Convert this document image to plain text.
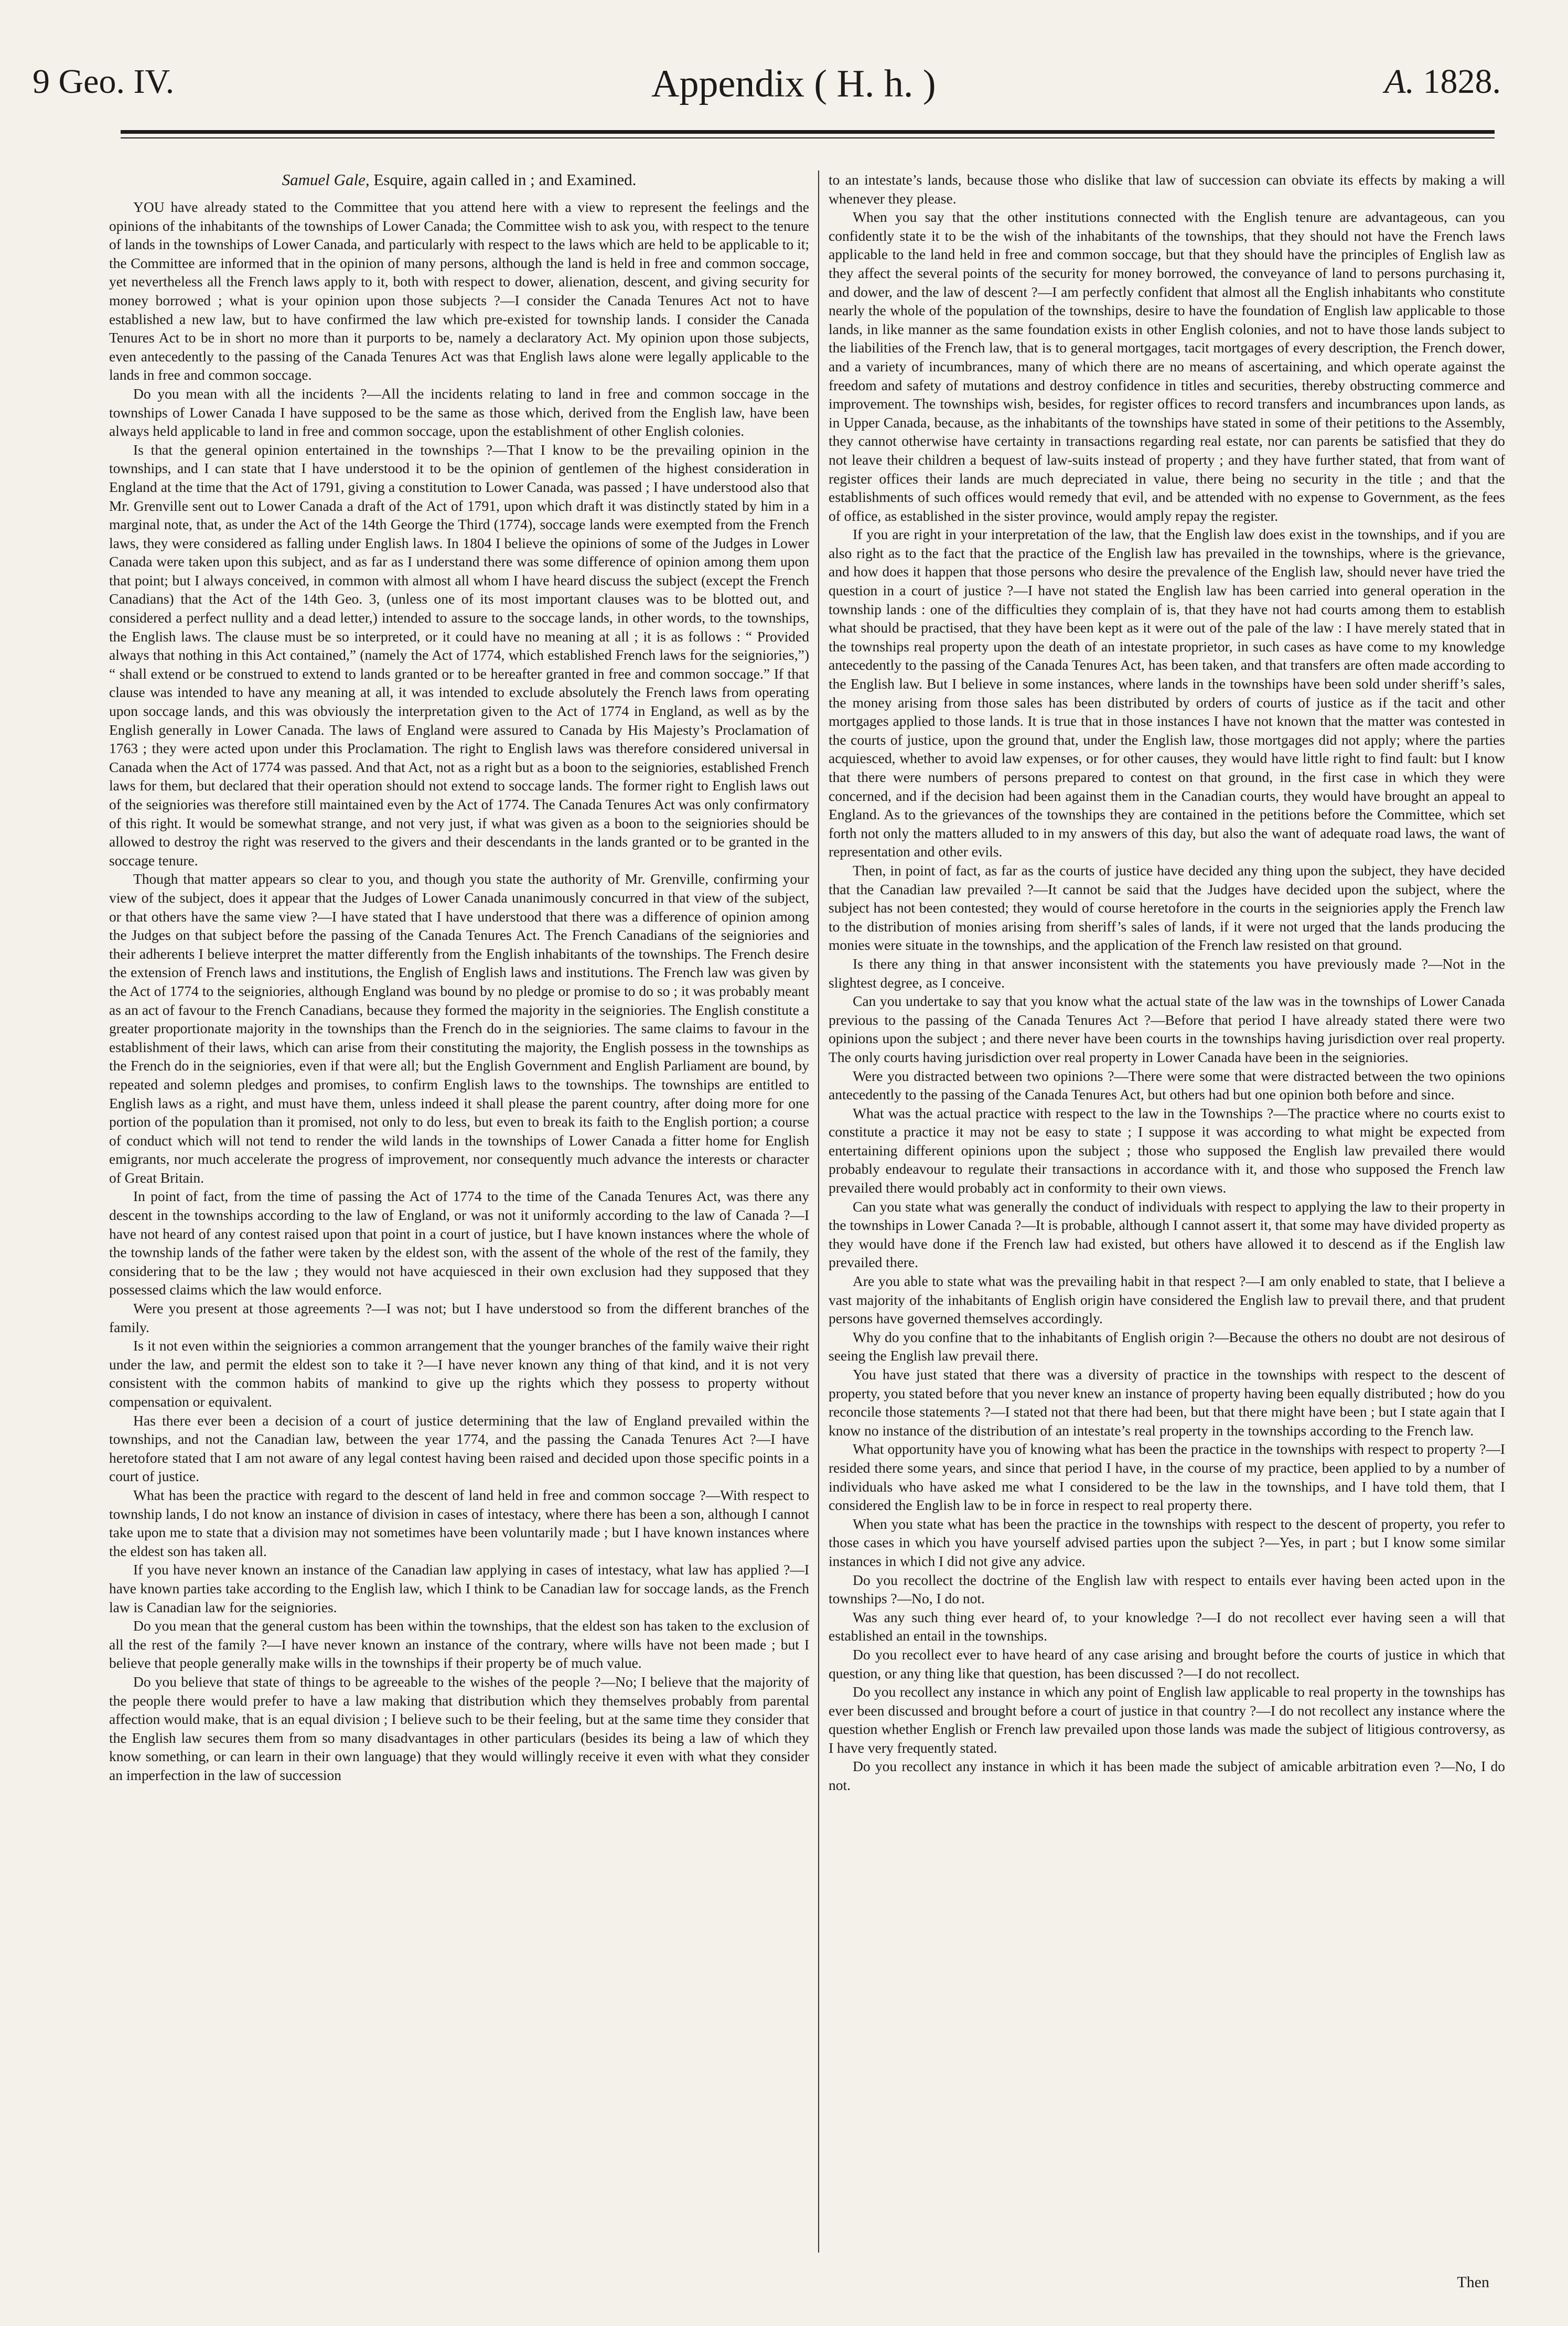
9 Geo. IV.	Appendix ( H. h. )	A. 1828.

Samuel Gale, Esquire, again called in ; and Examined.

YOU have already stated to the Committee that you attend here with a view to represent the feelings and the opinions of the inhabitants of the townships of Lower Canada; the Committee wish to ask you, with respect to the tenure of lands in the townships of Lower Canada, and particularly with respect to the laws which are held to be applicable to it; the Committee are informed that in the opinion of many persons, although the land is held in free and common soccage, yet nevertheless all the French laws apply to it, both with respect to dower, alienation, descent, and giving security for money borrowed ; what is your opinion upon those subjects ?—I consider the Canada Tenures Act not to have established a new law, but to have confirmed the law which pre-existed for township lands. I consider the Canada Tenures Act to be in short no more than it purports to be, namely a declaratory Act. My opinion upon those subjects, even antecedently to the passing of the Canada Tenures Act was that English laws alone were legally applicable to the lands in free and common soccage.

Do you mean with all the incidents ?—All the incidents relating to land in free and common soccage in the townships of Lower Canada I have supposed to be the same as those which, derived from the English law, have been always held applicable to land in free and common soccage, upon the establishment of other English colonies.

Is that the general opinion entertained in the townships ?—That I know to be the prevailing opinion in the townships, and I can state that I have understood it to be the opinion of gentlemen of the highest consideration in England at the time that the Act of 1791, giving a constitution to Lower Canada, was passed ; I have understood also that Mr. Grenville sent out to Lower Canada a draft of the Act of 1791, upon which draft it was distinctly stated by him in a marginal note, that, as under the Act of the 14th George the Third (1774), soccage lands were exempted from the French laws, they were considered as falling under English laws. In 1804 I believe the opinions of some of the Judges in Lower Canada were taken upon this subject, and as far as I understand there was some difference of opinion among them upon that point; but I always conceived, in common with almost all whom I have heard discuss the subject (except the French Canadians) that the Act of the 14th Geo. 3, (unless one of its most important clauses was to be blotted out, and considered a perfect nullity and a dead letter,) intended to assure to the soccage lands, in other words, to the townships, the English laws. The clause must be so interpreted, or it could have no meaning at all ; it is as follows : “ Provided always that nothing in this Act contained,” (namely the Act of 1774, which established French laws for the seigniories,”) “ shall extend or be construed to extend to lands granted or to be hereafter granted in free and common soccage.” If that clause was intended to have any meaning at all, it was intended to exclude absolutely the French laws from operating upon soccage lands, and this was obviously the interpretation given to the Act of 1774 in England, as well as by the English generally in Lower Canada. The laws of England were assured to Canada by His Majesty’s Proclamation of 1763 ; they were acted upon under this Proclamation. The right to English laws was therefore considered universal in Canada when the Act of 1774 was passed. And that Act, not as a right but as a boon to the seigniories, established French laws for them, but declared that their operation should not extend to soccage lands. The former right to English laws out of the seigniories was therefore still maintained even by the Act of 1774. The Canada Tenures Act was only confirmatory of this right. It would be somewhat strange, and not very just, if what was given as a boon to the seigniories should be allowed to destroy the right was reserved to the givers and their descendants in the lands granted or to be granted in the soccage tenure.

Though that matter appears so clear to you, and though you state the authority of Mr. Grenville, confirming your view of the subject, does it appear that the Judges of Lower Canada unanimously concurred in that view of the subject, or that others have the same view ?—I have stated that I have understood that there was a difference of opinion among the Judges on that subject before the passing of the Canada Tenures Act. The French Canadians of the seigniories and their adherents I believe interpret the matter differently from the English inhabitants of the townships. The French desire the extension of French laws and institutions, the English of English laws and institutions. The French law was given by the Act of 1774 to the seigniories, although England was bound by no pledge or promise to do so ; it was probably meant as an act of favour to the French Canadians, because they formed the majority in the seigniories. The English constitute a greater proportionate majority in the townships than the French do in the seigniories. The same claims to favour in the establishment of their laws, which can arise from their constituting the majority, the English possess in the townships as the French do in the seigniories, even if that were all; but the English Government and English Parliament are bound, by repeated and solemn pledges and promises, to confirm English laws to the townships. The townships are entitled to English laws as a right, and must have them, unless indeed it shall please the parent country, after doing more for one portion of the population than it promised, not only to do less, but even to break its faith to the English portion; a course of conduct which will not tend to render the wild lands in the townships of Lower Canada a fitter home for English emigrants, nor much accelerate the progress of improvement, nor consequently much advance the interests or character of Great Britain.

In point of fact, from the time of passing the Act of 1774 to the time of the Canada Tenures Act, was there any descent in the townships according to the law of England, or was not it uniformly according to the law of Canada ?—I have not heard of any contest raised upon that point in a court of justice, but I have known instances where the whole of the township lands of the father were taken by the eldest son, with the assent of the whole of the rest of the family, they considering that to be the law ; they would not have acquiesced in their own exclusion had they supposed that they possessed claims which the law would enforce.

Were you present at those agreements ?—I was not; but I have understood so from the different branches of the family.

Is it not even within the seigniories a common arrangement that the younger branches of the family waive their right under the law, and permit the eldest son to take it ?—I have never known any thing of that kind, and it is not very consistent with the common habits of mankind to give up the rights which they possess to property without compensation or equivalent.

Has there ever been a decision of a court of justice determining that the law of England prevailed within the townships, and not the Canadian law, between the year 1774, and the passing the Canada Tenures Act ?—I have heretofore stated that I am not aware of any legal contest having been raised and decided upon those specific points in a court of justice.

What has been the practice with regard to the descent of land held in free and common soccage ?—With respect to township lands, I do not know an instance of division in cases of intestacy, where there has been a son, although I cannot take upon me to state that a division may not sometimes have been voluntarily made ; but I have known instances where the eldest son has taken all.

If you have never known an instance of the Canadian law applying in cases of intestacy, what law has applied ?—I have known parties take according to the English law, which I think to be Canadian law for soccage lands, as the French law is Canadian law for the seigniories.

Do you mean that the general custom has been within the townships, that the eldest son has taken to the exclusion of all the rest of the family ?—I have never known an instance of the contrary, where wills have not been made ; but I believe that people generally make wills in the townships if their property be of much value.

Do you believe that state of things to be agreeable to the wishes of the people ?—No; I believe that the majority of the people there would prefer to have a law making that distribution which they themselves probably from parental affection would make, that is an equal division ; I believe such to be their feeling, but at the same time they consider that the English law secures them from so many disadvantages in other particulars (besides its being a law of which they know something, or can learn in their own language) that they would willingly receive it even with what they consider an imperfection in the law of succession

to an intestate’s lands, because those who dislike that law of succession can obviate its effects by making a will whenever they please.

When you say that the other institutions connected with the English tenure are advantageous, can you confidently state it to be the wish of the inhabitants of the townships, that they should not have the French laws applicable to the land held in free and common soccage, but that they should have the principles of English law as they affect the several points of the security for money borrowed, the conveyance of land to persons purchasing it, and dower, and the law of descent ?—I am perfectly confident that almost all the English inhabitants who constitute nearly the whole of the population of the townships, desire to have the foundation of English law applicable to those lands, in like manner as the same foundation exists in other English colonies, and not to have those lands subject to the liabilities of the French law, that is to general mortgages, tacit mortgages of every description, the French dower, and a variety of incumbrances, many of which there are no means of ascertaining, and which operate against the freedom and safety of mutations and destroy confidence in titles and securities, thereby obstructing commerce and improvement. The townships wish, besides, for register offices to record transfers and incumbrances upon lands, as in Upper Canada, because, as the inhabitants of the townships have stated in some of their petitions to the Assembly, they cannot otherwise have certainty in transactions regarding real estate, nor can parents be satisfied that they do not leave their children a bequest of law-suits instead of property ; and they have further stated, that from want of register offices their lands are much depreciated in value, there being no security in the title ; and that the establishments of such offices would remedy that evil, and be attended with no expense to Government, as the fees of office, as established in the sister province, would amply repay the register.

If you are right in your interpretation of the law, that the English law does exist in the townships, and if you are also right as to the fact that the practice of the English law has prevailed in the townships, where is the grievance, and how does it happen that those persons who desire the prevalence of the English law, should never have tried the question in a court of justice ?—I have not stated the English law has been carried into general operation in the township lands : one of the difficulties they complain of is, that they have not had courts among them to establish what should be practised, that they have been kept as it were out of the pale of the law : I have merely stated that in the townships real property upon the death of an intestate proprietor, in such cases as have come to my knowledge antecedently to the passing of the Canada Tenures Act, has been taken, and that transfers are often made according to the English law. But I believe in some instances, where lands in the townships have been sold under sheriff’s sales, the money arising from those sales has been distributed by orders of courts of justice as if the tacit and other mortgages applied to those lands. It is true that in those instances I have not known that the matter was contested in the courts of justice, upon the ground that, under the English law, those mortgages did not apply; where the parties acquiesced, whether to avoid law expenses, or for other causes, they would have little right to find fault: but I know that there were numbers of persons prepared to contest on that ground, in the first case in which they were concerned, and if the decision had been against them in the Canadian courts, they would have brought an appeal to England. As to the grievances of the townships they are contained in the petitions before the Committee, which set forth not only the matters alluded to in my answers of this day, but also the want of adequate road laws, the want of representation and other evils.

Then, in point of fact, as far as the courts of justice have decided any thing upon the subject, they have decided that the Canadian law prevailed ?—It cannot be said that the Judges have decided upon the subject, where the subject has not been contested; they would of course heretofore in the courts in the seigniories apply the French law to the distribution of monies arising from sheriff’s sales of lands, if it were not urged that the lands producing the monies were situate in the townships, and the application of the French law resisted on that ground.

Is there any thing in that answer inconsistent with the statements you have previously made ?—Not in the slightest degree, as I conceive.

Can you undertake to say that you know what the actual state of the law was in the townships of Lower Canada previous to the passing of the Canada Tenures Act ?—Before that period I have already stated there were two opinions upon the subject ; and there never have been courts in the townships having jurisdiction over real property. The only courts having jurisdiction over real property in Lower Canada have been in the seigniories.

Were you distracted between two opinions ?—There were some that were distracted between the two opinions antecedently to the passing of the Canada Tenures Act, but others had but one opinion both before and since.

What was the actual practice with respect to the law in the Townships ?—The practice where no courts exist to constitute a practice it may not be easy to state ; I suppose it was according to what might be expected from entertaining different opinions upon the subject ; those who supposed the English law prevailed there would probably endeavour to regulate their transactions in accordance with it, and those who supposed the French law prevailed there would probably act in conformity to their own views.

Can you state what was generally the conduct of individuals with respect to applying the law to their property in the townships in Lower Canada ?—It is probable, although I cannot assert it, that some may have divided property as they would have done if the French law had existed, but others have allowed it to descend as if the English law prevailed there.

Are you able to state what was the prevailing habit in that respect ?—I am only enabled to state, that I believe a vast majority of the inhabitants of English origin have considered the English law to prevail there, and that prudent persons have governed themselves accordingly.

Why do you confine that to the inhabitants of English origin ?—Because the others no doubt are not desirous of seeing the English law prevail there.

You have just stated that there was a diversity of practice in the townships with respect to the descent of property, you stated before that you never knew an instance of property having been equally distributed ; how do you reconcile those statements ?—I stated not that there had been, but that there might have been ; but I state again that I know no instance of the distribution of an intestate’s real property in the townships according to the French law.

What opportunity have you of knowing what has been the practice in the townships with respect to property ?—I resided there some years, and since that period I have, in the course of my practice, been applied to by a number of individuals who have asked me what I considered to be the law in the townships, and I have told them, that I considered the English law to be in force in respect to real property there.

When you state what has been the practice in the townships with respect to the descent of property, you refer to those cases in which you have yourself advised parties upon the subject ?—Yes, in part ; but I know some similar instances in which I did not give any advice.

Do you recollect the doctrine of the English law with respect to entails ever having been acted upon in the townships ?—No, I do not.

Was any such thing ever heard of, to your knowledge ?—I do not recollect ever having seen a will that established an entail in the townships.

Do you recollect ever to have heard of any case arising and brought before the courts of justice in which that question, or any thing like that question, has been discussed ?—I do not recollect.

Do you recollect any instance in which any point of English law applicable to real property in the townships has ever been discussed and brought before a court of justice in that country ?—I do not recollect any instance where the question whether English or French law prevailed upon those lands was made the subject of litigious controversy, as I have very frequently stated.

Do you recollect any instance in which it has been made the subject of amicable arbitration even ?—No, I do not.

Then
